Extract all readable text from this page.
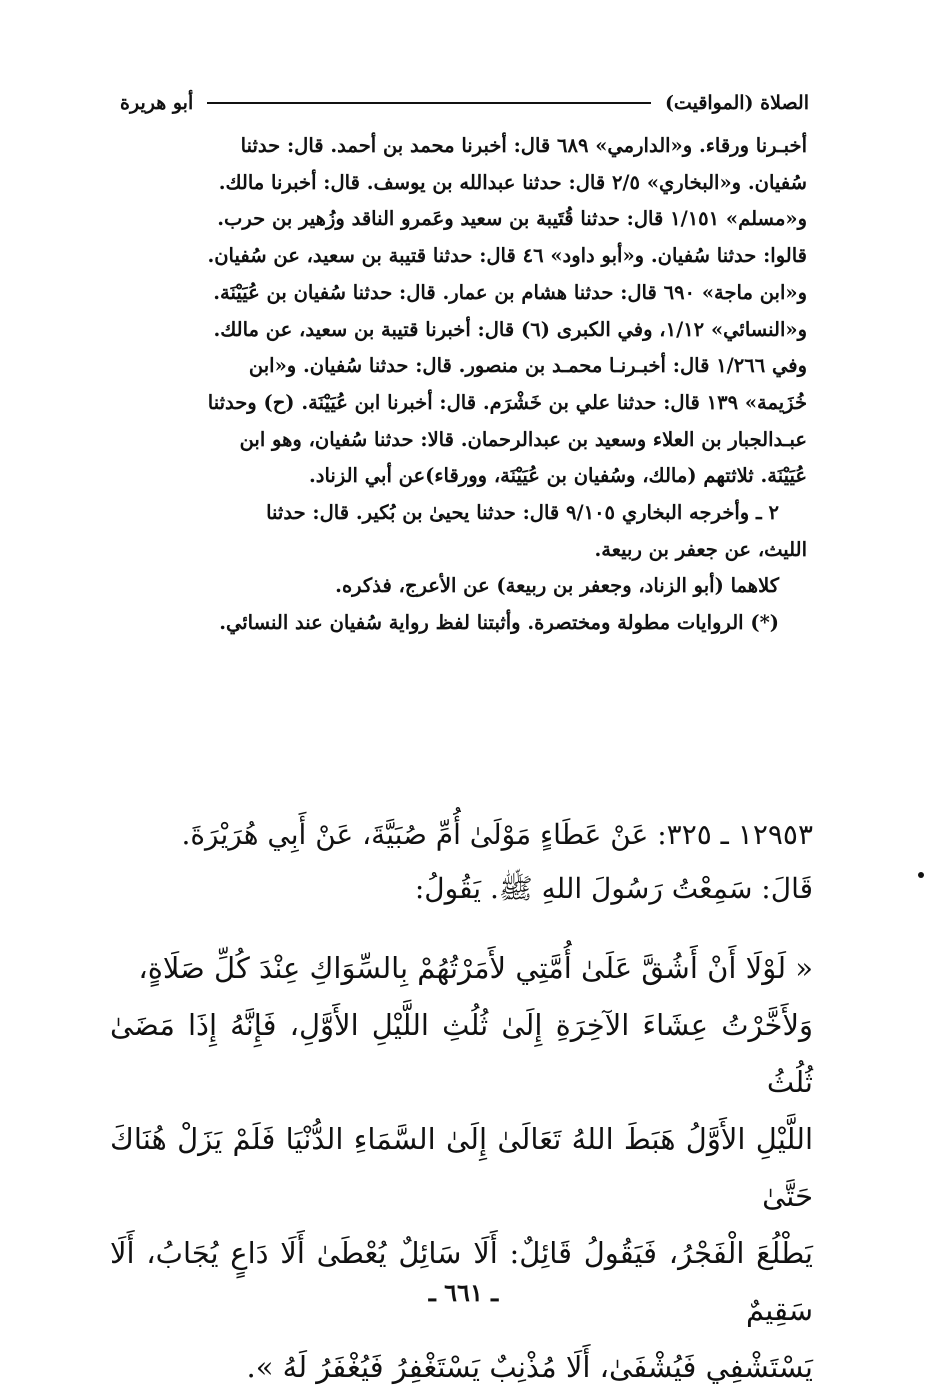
الصلاة (المواقيت)
أبو هريرة

أخبـرنا ورقاء. و«الدارمي» ٦٨٩ قال: أخبرنا محمد بن أحمد. قال: حدثنا

سُفيان. و«البخاري» ٢/٥ قال: حدثنا عبدالله بن يوسف. قال: أخبرنا مالك.

و«مسلم» ١/١٥١ قال: حدثنا قُتَيبة بن سعيد وعَمرو الناقد وزُهير بن حرب.

قالوا: حدثنا سُفيان. و«أبو داود» ٤٦ قال: حدثنا قتيبة بن سعيد، عن سُفيان.

و«ابن ماجة» ٦٩٠ قال: حدثنا هشام بن عمار. قال: حدثنا سُفيان بن عُيَيْنَة.

و«النسائي» ١/١٢، وفي الكبرى (٦) قال: أخبرنا قتيبة بن سعيد، عن مالك.

وفي ١/٢٦٦ قال: أخبـرنـا محمـد بن منصور. قال: حدثنا سُفيان. و«ابن

خُزَيمة» ١٣٩ قال: حدثنا علي بن خَشْرَم. قال: أخبرنا ابن عُيَيْنَة. (ح) وحدثنا

عبـدالجبار بن العلاء وسعيد بن عبدالرحمان. قالا: حدثنا سُفيان، وهو ابن

عُيَيْنَة. ثلاثتهم (مالك، وسُفيان بن عُيَيْنَة، وورقاء)عن أبي الزناد.

٢ ـ وأخرجه البخاري ٩/١٠٥ قال: حدثنا يحيىٰ بن بُكير. قال: حدثنا

الليث، عن جعفر بن ربيعة.

كلاهما (أبو الزناد، وجعفر بن ربيعة) عن الأعرج، فذكره.

(*) الروايات مطولة ومختصرة. وأثبتنا لفظ رواية سُفيان عند النسائي.

١٢٩٥٣ ـ ٣٢٥: عَنْ عَطَاءٍ مَوْلَىٰ أُمِّ صُبَيَّةَ، عَنْ أَبِي هُرَيْرَةَ.

قَالَ: سَمِعْتُ رَسُولَ اللهِ ﷺ. يَقُولُ:

« لَوْلَا أَنْ أَشُقَّ عَلَىٰ أُمَّتِي لأَمَرْتُهُمْ بِالسِّوَاكِ عِنْدَ كُلِّ صَلَاةٍ،

وَلأَخَّرْتُ عِشَاءَ الآخِرَةِ إِلَىٰ ثُلُثِ اللَّيْلِ الأَوَّلِ، فَإِنَّهُ إِذَا مَضَىٰ ثُلُثُ

اللَّيْلِ الأَوَّلُ هَبَطَ اللهُ تَعَالَىٰ إِلَىٰ السَّمَاءِ الدُّنْيَا فَلَمْ يَزَلْ هُنَاكَ حَتَّىٰ

يَطْلُعَ الْفَجْرُ، فَيَقُولُ قَائِلٌ: أَلَا سَائِلٌ يُعْطَىٰ أَلَا دَاعٍ يُجَابُ، أَلَا سَقِيمٌ

يَسْتَشْفِي فَيُشْفَىٰ، أَلَا مُذْنِبٌ يَسْتَغْفِرُ فَيُغْفَرُ لَهُ ».

ـ ٦٦١ ـ
